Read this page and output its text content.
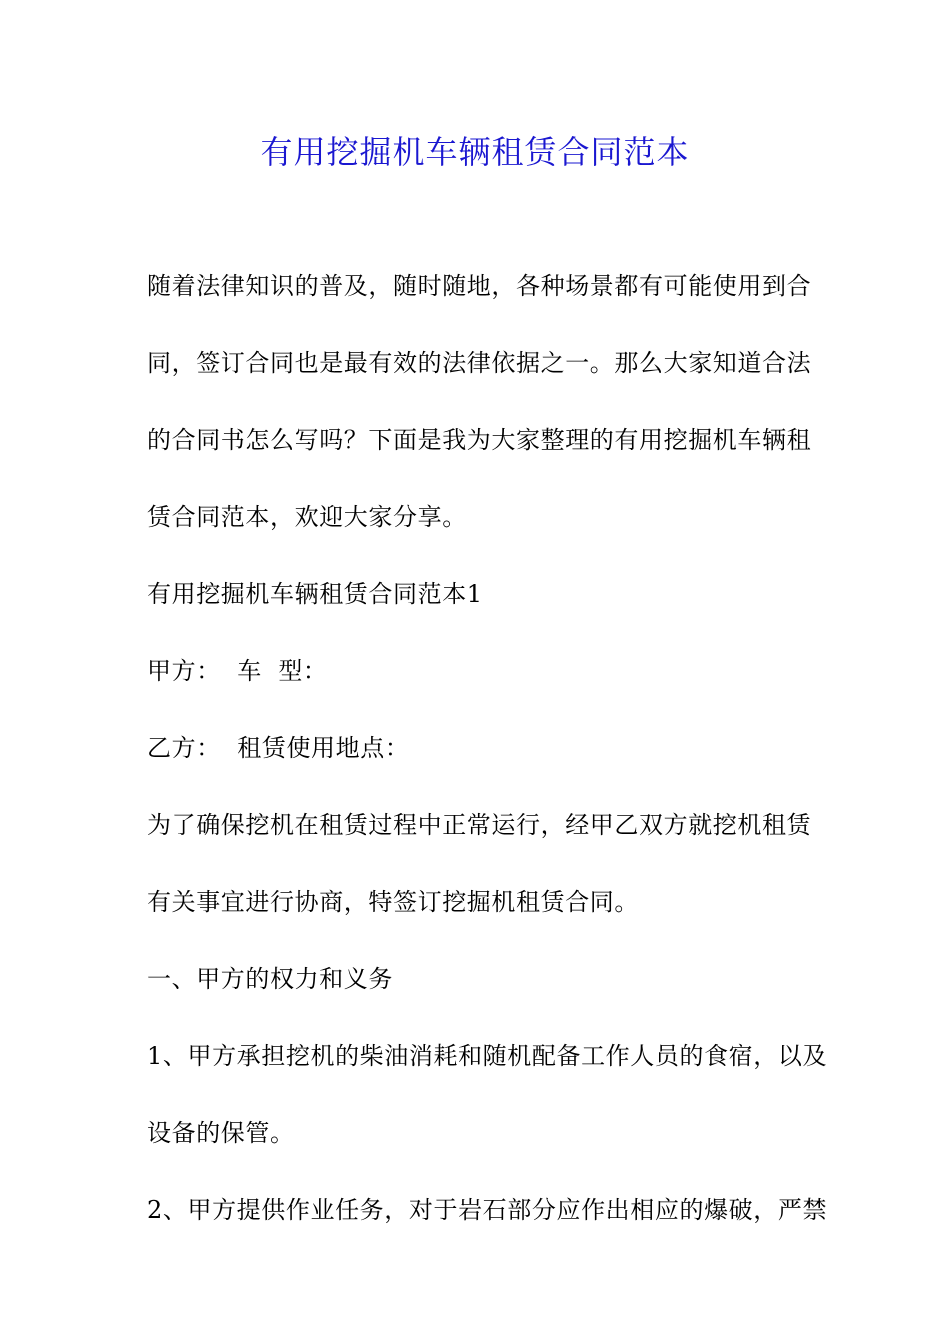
有用挖掘机车辆租赁合同范本
随着法律知识的普及，随时随地，各种场景都有可能使用到合
同，签订合同也是最有效的法律依据之一。那么大家知道合法
的合同书怎么写吗？下面是我为大家整理的有用挖掘机车辆租
赁合同范本，欢迎大家分享。
有用挖掘机车辆租赁合同范本1
甲方：  车  型：
乙方：  租赁使用地点：
为了确保挖机在租赁过程中正常运行，经甲乙双方就挖机租赁
有关事宜进行协商，特签订挖掘机租赁合同。
一、甲方的权力和义务
1、甲方承担挖机的柴油消耗和随机配备工作人员的食宿，以及
设备的保管。
2、甲方提供作业任务，对于岩石部分应作出相应的爆破，严禁
